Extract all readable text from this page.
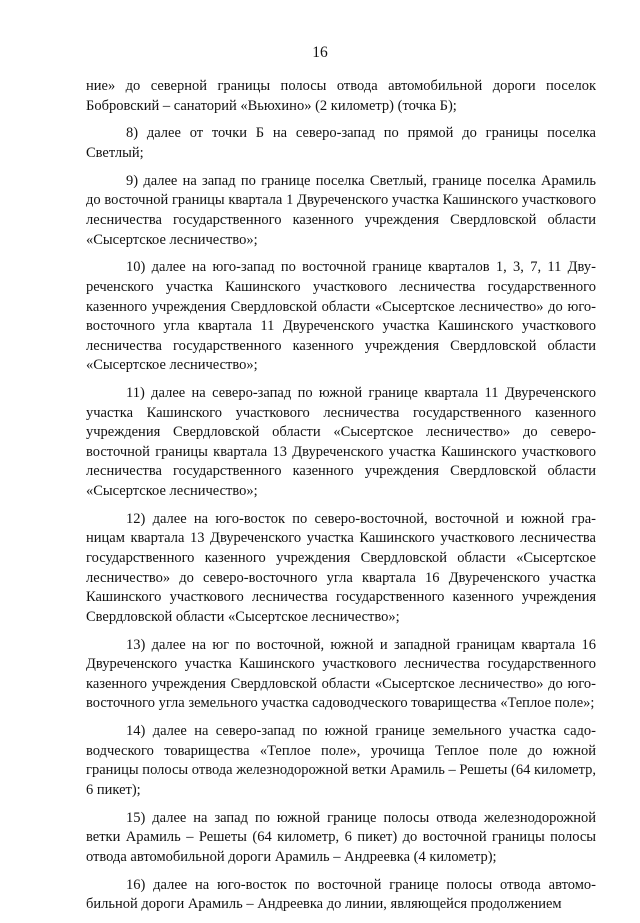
16

ние» до северной границы полосы отвода автомобильной дороги поселок Бобровский – санаторий «Вьюхино» (2 километр) (точка Б);

8) далее от точки Б на северо-запад по прямой до границы поселка Светлый;

9) далее на запад по границе поселка Светлый, границе поселка Арамиль до восточной границы квартала 1 Двуреченского участка Кашинского участкового лесничества государственного казенного учреждения Свердловской области «Сысертское лесничество»;

10) далее на юго-запад по восточной границе кварталов 1, 3, 7, 11 Двуреченского участка Кашинского участкового лесничества государственного казенного учреждения Свердловской области «Сысертское лесничество» до юго-восточного угла квартала 11 Двуреченского участка Кашинского участкового лесничества государственного казенного учреждения Свердловской области «Сысертское лесничество»;

11) далее на северо-запад по южной границе квартала 11 Двуреченского участка Кашинского участкового лесничества государственного казенного учреждения Свердловской области «Сысертское лесничество» до северовосточной границы квартала 13 Двуреченского участка Кашинского участкового лесничества государственного казенного учреждения Свердловской области «Сысертское лесничество»;

12) далее на юго-восток по северо-восточной, восточной и южной границам квартала 13 Двуреченского участка Кашинского участкового лесничества государственного казенного учреждения Свердловской области «Сысертское лесничество» до северо-восточного угла квартала 16 Двуреченского участка Кашинского участкового лесничества государственного казенного учреждения Свердловской области «Сысертское лесничество»;

13) далее на юг по восточной, южной и западной границам квартала 16 Двуреченского участка Кашинского участкового лесничества государственного казенного учреждения Свердловской области «Сысертское лесничество» до юго-восточного угла земельного участка садоводческого товарищества «Теплое поле»;

14) далее на северо-запад по южной границе земельного участка садоводческого товарищества «Теплое поле», урочища Теплое поле до южной границы полосы отвода железнодорожной ветки Арамиль – Решеты (64 километр, 6 пикет);

15) далее на запад по южной границе полосы отвода железнодорожной ветки Арамиль – Решеты (64 километр, 6 пикет) до восточной границы полосы отвода автомобильной дороги Арамиль – Андреевка (4 километр);

16) далее на юго-восток по восточной границе полосы отвода автомобильной дороги Арамиль – Андреевка до линии, являющейся продолжением
